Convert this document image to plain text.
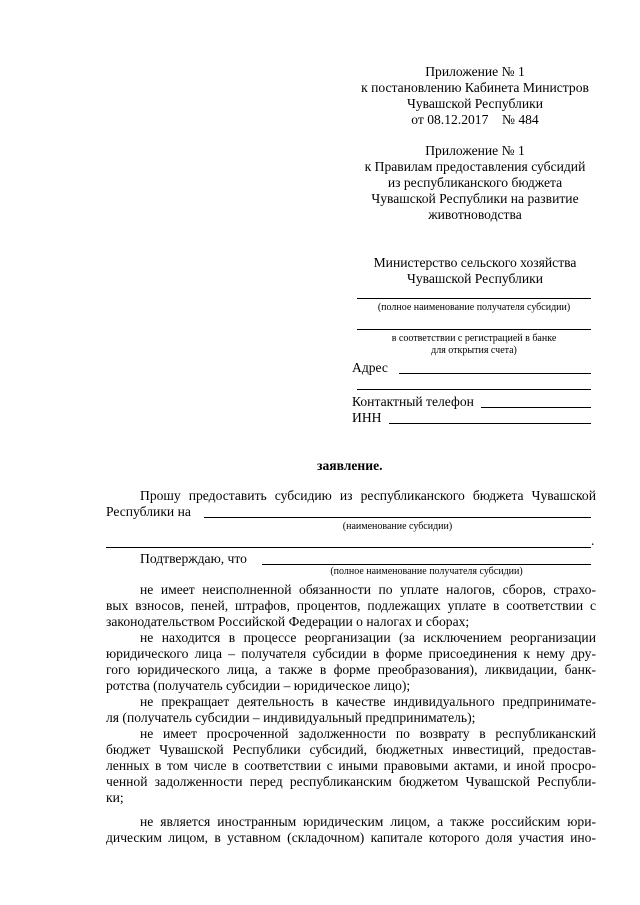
Приложение № 1
к постановлению Кабинета Министров
Чувашской Республики
от 08.12.2017    № 484
Приложение № 1
к Правилам предоставления субсидий
из республиканского бюджета
Чувашской Республики на развитие
животноводства
Министерство сельского хозяйства
Чувашской Республики
(полное наименование получателя субсидии)
в соответствии с регистрацией в банке
для открытия счета)
Адрес
Контактный телефон
ИНН
заявление.
Прошу предоставить субсидию из республиканского бюджета Чувашской
Республики на
(наименование субсидии)
.
Подтверждаю, что
(полное наименование получателя субсидии)
не имеет неисполненной обязанности по уплате налогов, сборов, страхо-
вых взносов, пеней, штрафов, процентов, подлежащих уплате в соответствии с
законодательством Российской Федерации о налогах и сборах;
не находится в процессе реорганизации (за исключением реорганизации
юридического лица – получателя субсидии в форме присоединения к нему дру-
гого юридического лица, а также в форме преобразования), ликвидации, банк-
ротства (получатель субсидии – юридическое лицо);
не прекращает деятельность в качестве индивидуального предпринимате-
ля (получатель субсидии – индивидуальный предприниматель);
не имеет просроченной задолженности по возврату в республиканский
бюджет Чувашской Республики субсидий, бюджетных инвестиций, предостав-
ленных в том числе в соответствии с иными правовыми актами, и иной просро-
ченной задолженности перед республиканским бюджетом Чувашской Республи-
ки;
не является иностранным юридическим лицом, а также российским юри-
дическим лицом, в уставном (складочном) капитале которого доля участия ино-
